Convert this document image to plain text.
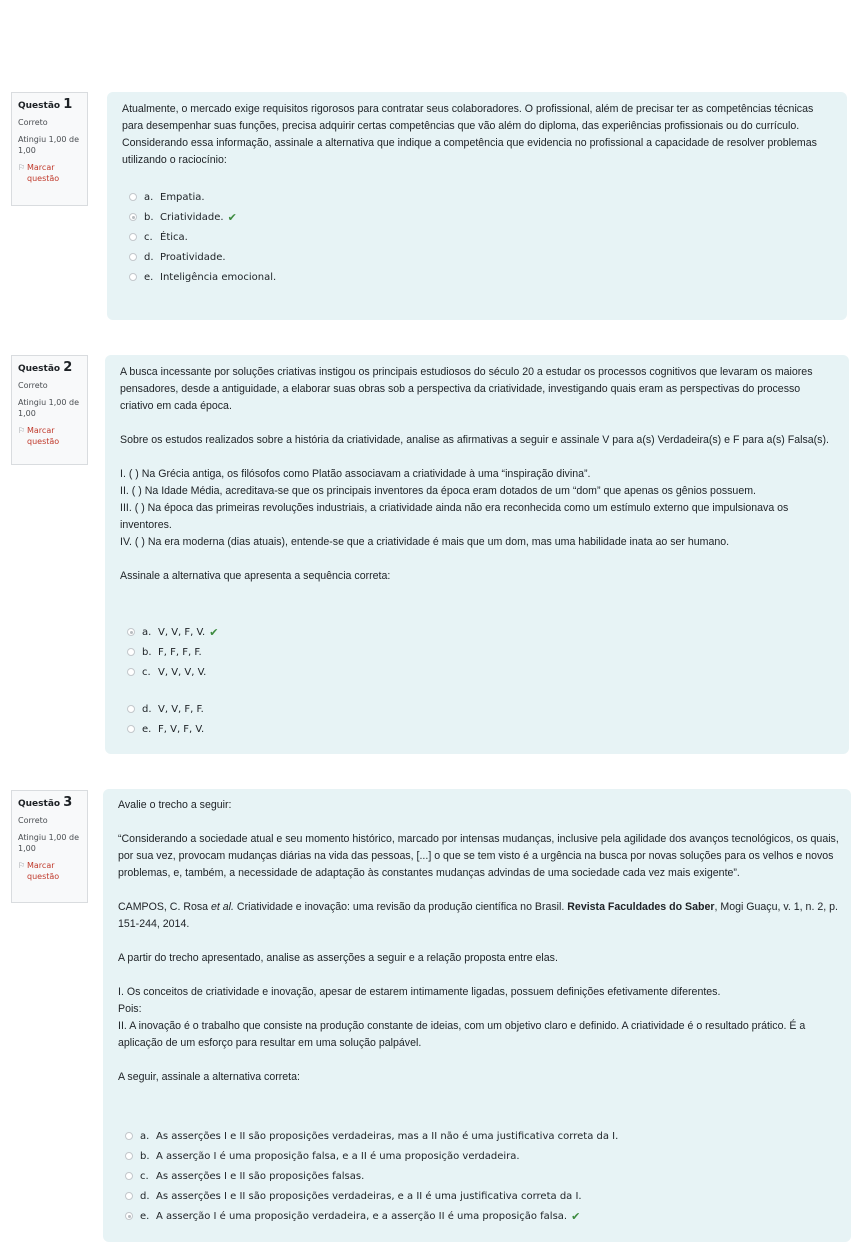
Questão 1
Correto
Atingiu 1,00 de 1,00
⚐ Marcar questão

Atualmente, o mercado exige requisitos rigorosos para contratar seus colaboradores. O profissional, além de precisar ter as competências técnicas para desempenhar suas funções, precisa adquirir certas competências que vão além do diploma, das experiências profissionais ou do currículo. Considerando essa informação, assinale a alternativa que indique a competência que evidencia no profissional a capacidade de resolver problemas utilizando o raciocínio:

a. Empatia.
b. Criatividade. ✔
c. Ética.
d. Proatividade.
e. Inteligência emocional.
Questão 2
Correto
Atingiu 1,00 de 1,00
⚐ Marcar questão

A busca incessante por soluções criativas instigou os principais estudiosos do século 20 a estudar os processos cognitivos que levaram os maiores pensadores, desde a antiguidade, a elaborar suas obras sob a perspectiva da criatividade, investigando quais eram as perspectivas do processo criativo em cada época.

Sobre os estudos realizados sobre a história da criatividade, analise as afirmativas a seguir e assinale V para a(s) Verdadeira(s) e F para a(s) Falsa(s).

I. ( ) Na Grécia antiga, os filósofos como Platão associavam a criatividade à uma “inspiração divina”.

II. ( ) Na Idade Média, acreditava-se que os principais inventores da época eram dotados de um “dom” que apenas os gênios possuem.

III. ( ) Na época das primeiras revoluções industriais, a criatividade ainda não era reconhecida como um estímulo externo que impulsionava os inventores.

IV. ( ) Na era moderna (dias atuais), entende-se que a criatividade é mais que um dom, mas uma habilidade inata ao ser humano.

Assinale a alternativa que apresenta a sequência correta:

a. V, V, F, V. ✔
b. F, F, F, F.
c. V, V, V, V.
d. V, V, F, F.
e. F, V, F, V.
Questão 3
Correto
Atingiu 1,00 de 1,00
⚐ Marcar questão

Avalie o trecho a seguir:

“Considerando a sociedade atual e seu momento histórico, marcado por intensas mudanças, inclusive pela agilidade dos avanços tecnológicos, os quais, por sua vez, provocam mudanças diárias na vida das pessoas, [...] o que se tem visto é a urgência na busca por novas soluções para os velhos e novos problemas, e, também, a necessidade de adaptação às constantes mudanças advindas de uma sociedade cada vez mais exigente”.

CAMPOS, C. Rosa et al. Criatividade e inovação: uma revisão da produção científica no Brasil. Revista Faculdades do Saber, Mogi Guaçu, v. 1, n. 2, p. 151-244, 2014.

A partir do trecho apresentado, analise as asserções a seguir e a relação proposta entre elas.

I. Os conceitos de criatividade e inovação, apesar de estarem intimamente ligadas, possuem definições efetivamente diferentes.

Pois:

II. A inovação é o trabalho que consiste na produção constante de ideias, com um objetivo claro e definido. A criatividade é o resultado prático. É a aplicação de um esforço para resultar em uma solução palpável.

A seguir, assinale a alternativa correta:

a. As asserções I e II são proposições verdadeiras, mas a II não é uma justificativa correta da I.
b. A asserção I é uma proposição falsa, e a II é uma proposição verdadeira.
c. As asserções I e II são proposições falsas.
d. As asserções I e II são proposições verdadeiras, e a II é uma justificativa correta da I.
e. A asserção I é uma proposição verdadeira, e a asserção II é uma proposição falsa. ✔
